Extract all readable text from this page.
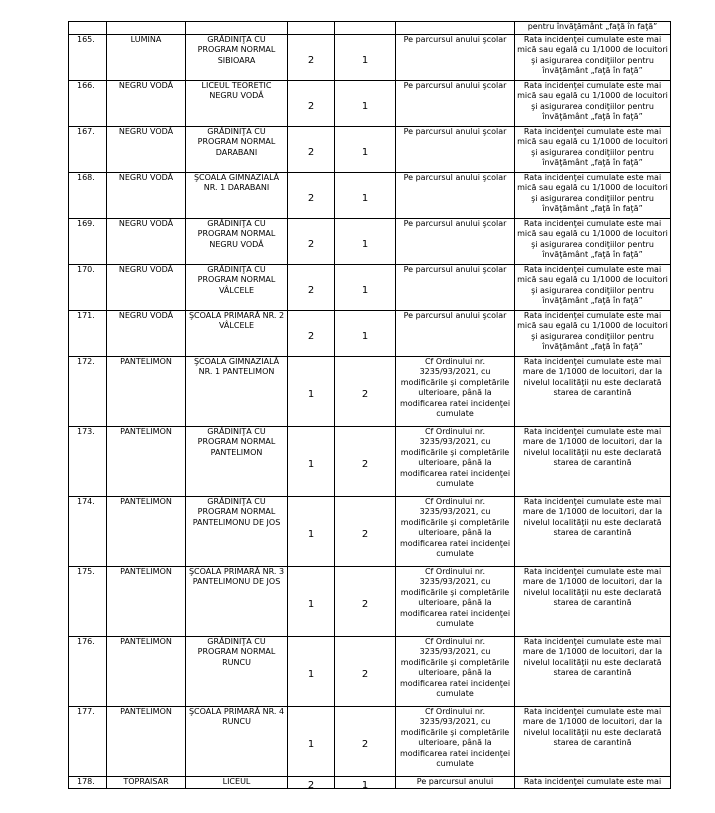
						pentru învăţământ „faţă în faţă”

165.	LUMINA	GRĂDINIŢA CU PROGRAM NORMAL SIBIOARA	2	1	Pe parcursul anului şcolar	Rata incidenţei cumulate este mai mică sau egală cu 1/1000 de locuitori şi asigurarea condiţiilor pentru învăţământ „faţă în faţă”

166.	NEGRU VODĂ	LICEUL TEORETIC NEGRU VODĂ	2	1	Pe parcursul anului şcolar	Rata incidenţei cumulate este mai mică sau egală cu 1/1000 de locuitori şi asigurarea condiţiilor pentru învăţământ „faţă în faţă”

167.	NEGRU VODĂ	GRĂDINIŢA CU PROGRAM NORMAL DARABANI	2	1	Pe parcursul anului şcolar	Rata incidenţei cumulate este mai mică sau egală cu 1/1000 de locuitori şi asigurarea condiţiilor pentru învăţământ „faţă în faţă”

168.	NEGRU VODĂ	ŞCOALA GIMNAZIALĂ NR. 1 DARABANI	2	1	Pe parcursul anului şcolar	Rata incidenţei cumulate este mai mică sau egală cu 1/1000 de locuitori şi asigurarea condiţiilor pentru învăţământ „faţă în faţă”

169.	NEGRU VODĂ	GRĂDINIŢA CU PROGRAM NORMAL NEGRU VODĂ	2	1	Pe parcursul anului şcolar	Rata incidenţei cumulate este mai mică sau egală cu 1/1000 de locuitori şi asigurarea condiţiilor pentru învăţământ „faţă în faţă”

170.	NEGRU VODĂ	GRĂDINIŢA CU PROGRAM NORMAL VÂLCELE	2	1	Pe parcursul anului şcolar	Rata incidenţei cumulate este mai mică sau egală cu 1/1000 de locuitori şi asigurarea condiţiilor pentru învăţământ „faţă în faţă”

171.	NEGRU VODĂ	ŞCOALA PRIMARĂ NR. 2 VÂLCELE	2	1	Pe parcursul anului şcolar	Rata incidenţei cumulate este mai mică sau egală cu 1/1000 de locuitori şi asigurarea condiţiilor pentru învăţământ „faţă în faţă”

172.	PANTELIMON	ŞCOALA GIMNAZIALĂ NR. 1 PANTELIMON	1	2	Cf Ordinului nr. 3235/93/2021, cu modificările şi completările ulterioare, până la modificarea ratei incidenţei cumulate	Rata incidenţei cumulate este mai mare de 1/1000 de locuitori, dar la nivelul localităţii nu este declarată starea de carantină

173.	PANTELIMON	GRĂDINIŢA CU PROGRAM NORMAL PANTELIMON	1	2	Cf Ordinului nr. 3235/93/2021, cu modificările şi completările ulterioare, până la modificarea ratei incidenţei cumulate	Rata incidenţei cumulate este mai mare de 1/1000 de locuitori, dar la nivelul localităţii nu este declarată starea de carantină

174.	PANTELIMON	GRĂDINIŢA CU PROGRAM NORMAL PANTELIMONU DE JOS	1	2	Cf Ordinului nr. 3235/93/2021, cu modificările şi completările ulterioare, până la modificarea ratei incidenţei cumulate	Rata incidenţei cumulate este mai mare de 1/1000 de locuitori, dar la nivelul localităţii nu este declarată starea de carantină

175.	PANTELIMON	ŞCOALA PRIMARĂ NR. 3 PANTELIMONU DE JOS	1	2	Cf Ordinului nr. 3235/93/2021, cu modificările şi completările ulterioare, până la modificarea ratei incidenţei cumulate	Rata incidenţei cumulate este mai mare de 1/1000 de locuitori, dar la nivelul localităţii nu este declarată starea de carantină

176.	PANTELIMON	GRĂDINIŢA CU PROGRAM NORMAL RUNCU	1	2	Cf Ordinului nr. 3235/93/2021, cu modificările şi completările ulterioare, până la modificarea ratei incidenţei cumulate	Rata incidenţei cumulate este mai mare de 1/1000 de locuitori, dar la nivelul localităţii nu este declarată starea de carantină

177.	PANTELIMON	ŞCOALA PRIMARĂ NR. 4 RUNCU	1	2	Cf Ordinului nr. 3235/93/2021, cu modificările şi completările ulterioare, până la modificarea ratei incidenţei cumulate	Rata incidenţei cumulate este mai mare de 1/1000 de locuitori, dar la nivelul localităţii nu este declarată starea de carantină

178.	TOPRAISAR	LICEUL	2	1	Pe parcursul anului	Rata incidenţei cumulate este mai
